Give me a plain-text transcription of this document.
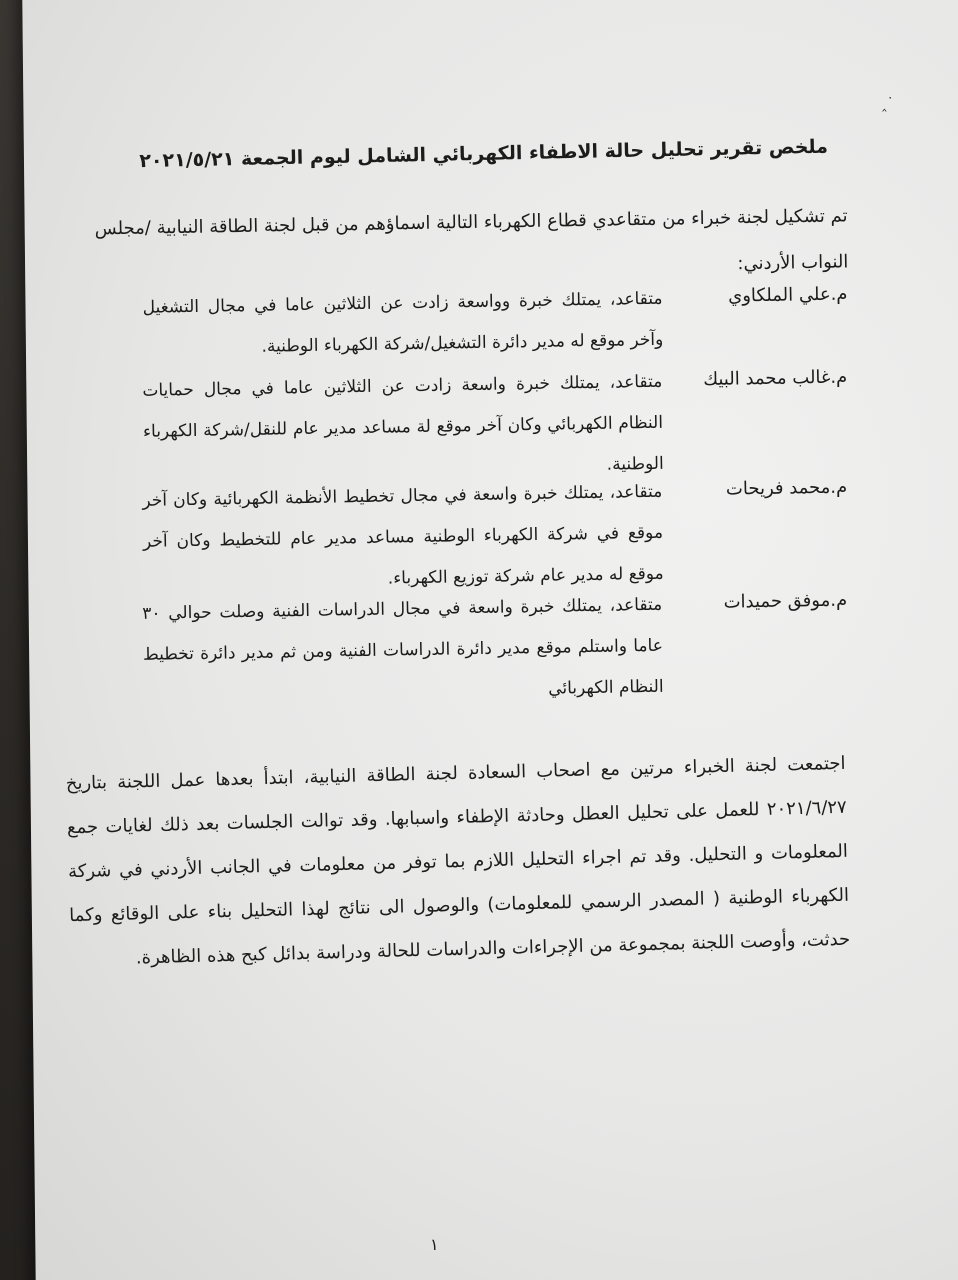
˙‸
ملخص تقرير تحليل حالة الاطفاء الكهربائي الشامل ليوم الجمعة ٢٠٢١/٥/٢١
تم تشكيل لجنة خبراء من متقاعدي قطاع الكهرباء التالية اسماؤهم من قبل لجنة الطاقة النيابية /مجلس النواب الأردني:
م.علي الملكاوي
متقاعد، يمتلك خبرة وواسعة زادت عن الثلاثين عاما في مجال التشغيل وآخر موقع له مدير دائرة التشغيل/شركة الكهرباء الوطنية.
م.غالب محمد البيك
متقاعد، يمتلك خبرة واسعة زادت عن الثلاثين عاما في مجال حمايات النظام الكهربائي وكان آخر موقع لة مساعد مدير عام للنقل/شركة الكهرباء الوطنية.
م.محمد فريحات
متقاعد، يمتلك خبرة واسعة في مجال تخطيط الأنظمة الكهربائية وكان آخر موقع في شركة الكهرباء الوطنية مساعد مدير عام للتخطيط وكان آخر موقع له مدير عام شركة توزيع الكهرباء.
م.موفق حميدات
متقاعد، يمتلك خبرة واسعة في مجال الدراسات الفنية وصلت حوالي ٣٠ عاما واستلم موقع مدير دائرة الدراسات الفنية ومن ثم مدير دائرة تخطيط النظام الكهربائي
اجتمعت لجنة الخبراء مرتين مع اصحاب السعادة لجنة الطاقة النيابية، ابتدأ بعدها عمل اللجنة بتاريخ ٢٠٢١/٦/٢٧ للعمل على تحليل العطل وحادثة الإطفاء واسبابها. وقد توالت الجلسات بعد ذلك لغايات جمع المعلومات و التحليل. وقد تم اجراء التحليل اللازم بما توفر من معلومات في الجانب الأردني في شركة الكهرباء الوطنية ( المصدر الرسمي للمعلومات) والوصول الى نتائج لهذا التحليل بناء على الوقائع وكما حدثت، وأوصت اللجنة بمجموعة من الإجراءات والدراسات للحالة ودراسة بدائل كبح هذه الظاهرة.
١
